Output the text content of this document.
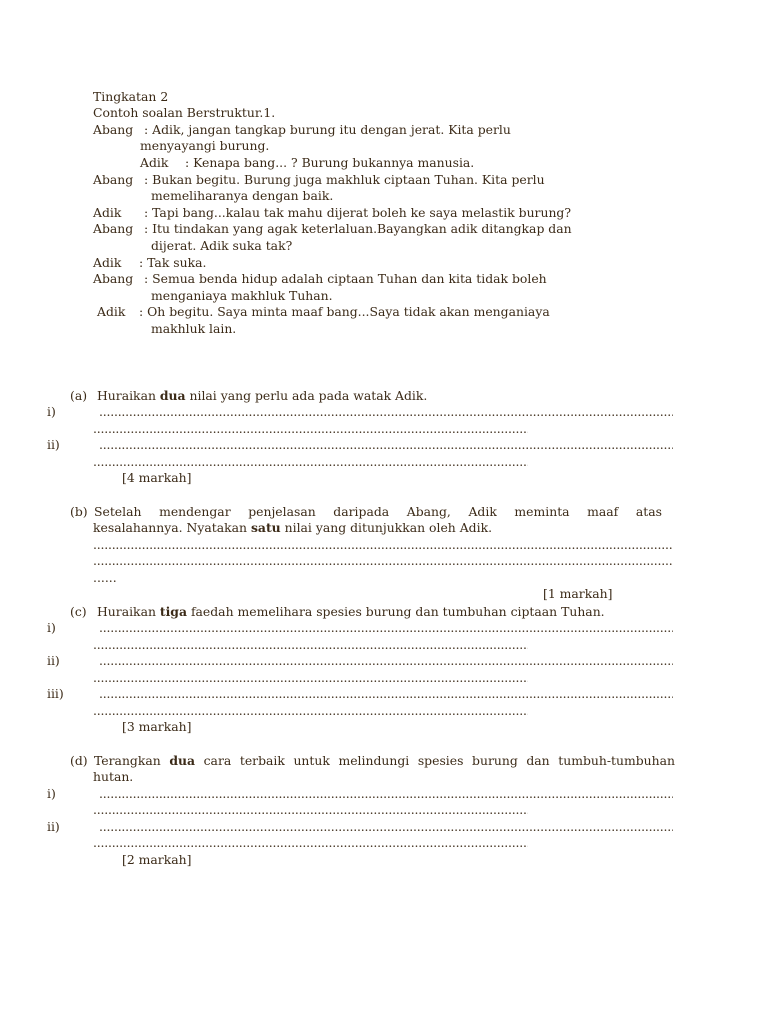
Tingkatan 2
Contoh soalan Berstruktur.1.
Abang : Adik, jangan tangkap burung itu dengan jerat. Kita perlu
menyayangi burung.
Adik : Kenapa bang... ? Burung bukannya manusia.
Abang : Bukan begitu. Burung juga makhluk ciptaan Tuhan. Kita perlu
memeliharanya dengan baik.
Adik : Tapi bang...kalau tak mahu dijerat boleh ke saya melastik burung?
Abang : Itu tindakan yang agak keterlaluan.Bayangkan adik ditangkap dan
dijerat. Adik suka tak?
Adik : Tak suka.
Abang : Semua benda hidup adalah ciptaan Tuhan dan kita tidak boleh
menganiaya makhluk Tuhan.
Adik : Oh begitu. Saya minta maaf bang...Saya tidak akan menganiaya
makhluk lain.
(a) Huraikan dua nilai yang perlu ada pada watak Adik.
i)
.....
.....
ii)
.....
.....
[4 markah]
(b) Setelah mendengar penjelasan daripada Abang, Adik meminta maaf atas
kesalahannya. Nyatakan satu nilai yang ditunjukkan oleh Adik.
.....
.....
......
[1 markah]
(c) Huraikan tiga faedah memelihara spesies burung dan tumbuhan ciptaan Tuhan.
i)
.....
.....
ii)
.....
.....
iii)
.....
.....
[3 markah]
(d) Terangkan dua cara terbaik untuk melindungi spesies burung dan tumbuh-tumbuhan
hutan.
i)
.....
.....
ii)
.....
.....
[2 markah]
